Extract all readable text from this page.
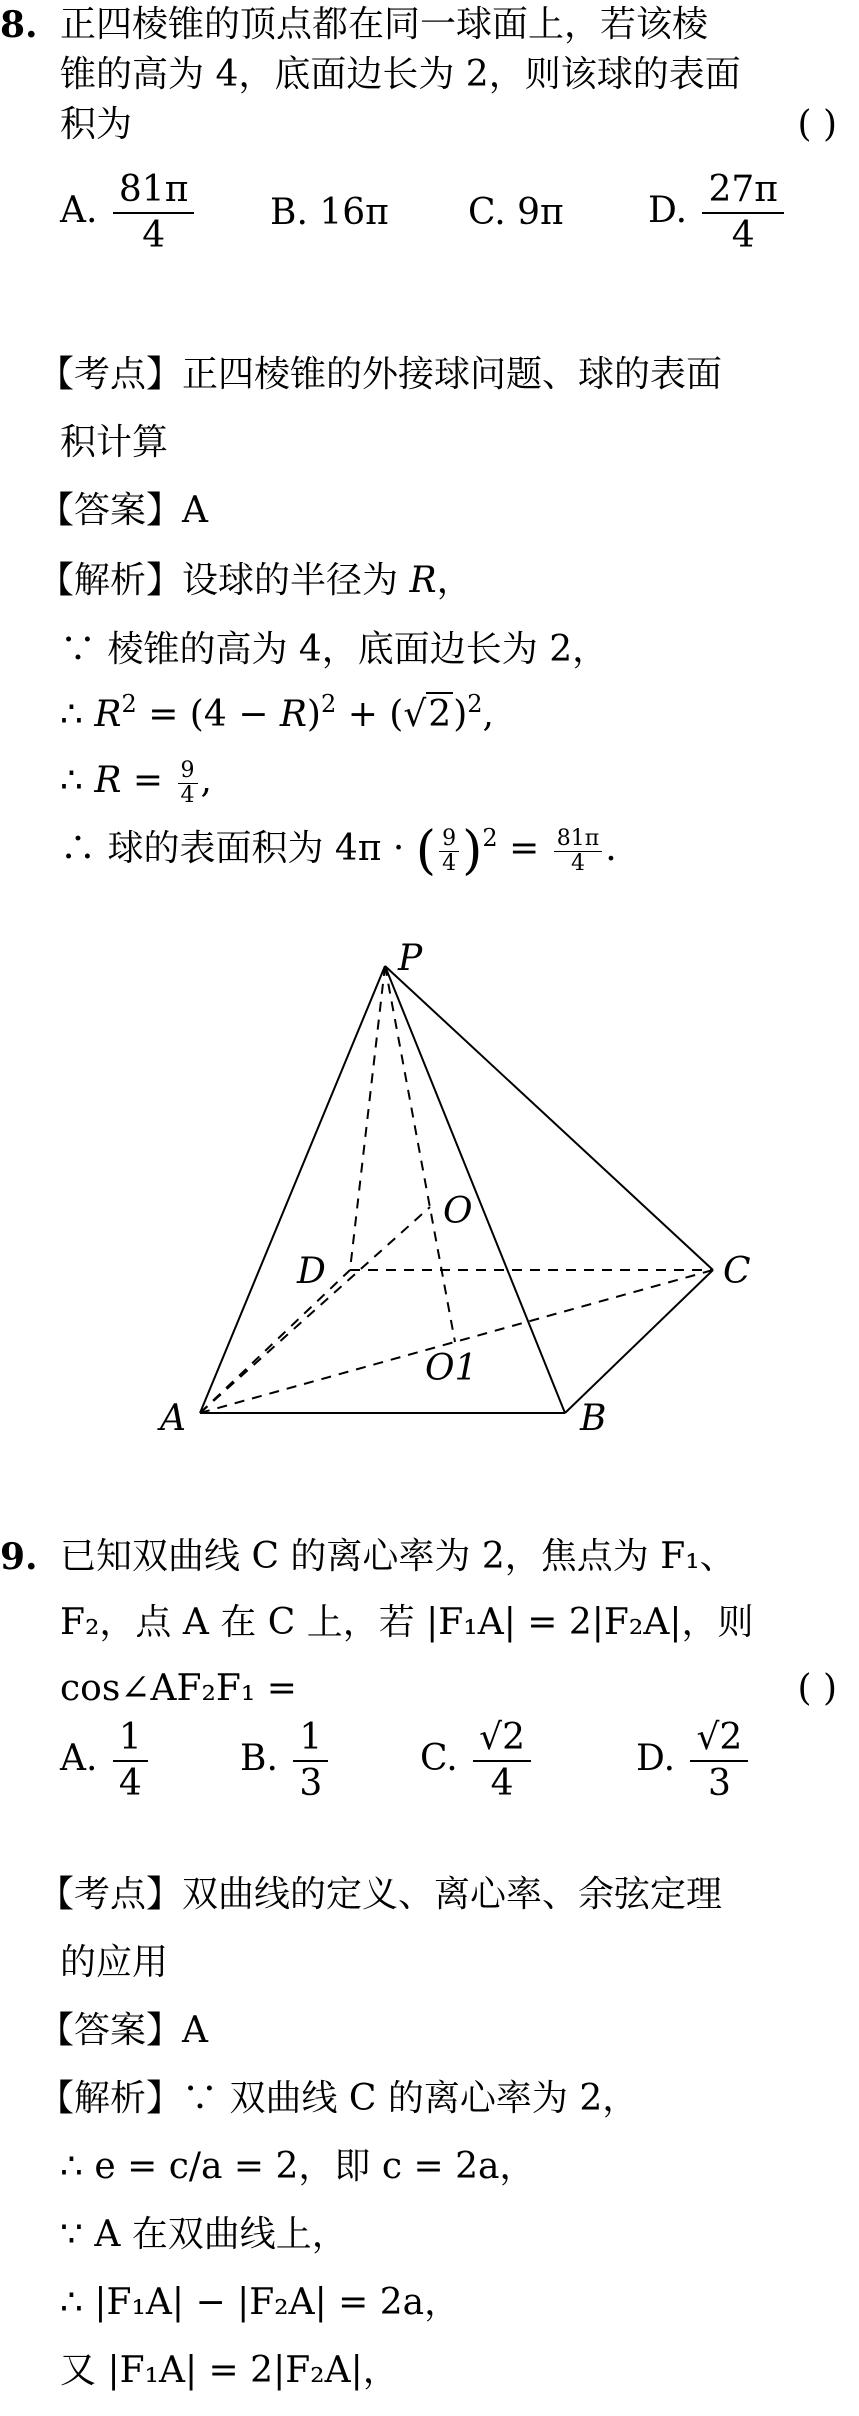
8. 正四棱锥的顶点都在同一球面上，若该棱
锥的高为 4，底面边长为 2，则该球的表面
积为	( )
A. $\frac{81\pi}{4} B$. 16π C. 9π D. $\frac{27\pi}{4}$
【考点】正四棱锥的外接球问题、球的表面
积计算
【答案】A
【解析】设球的半径为 R，
∵ 棱锥的高为 4，底面边长为 2，
∴ $R^2 = (4 - R)^2 + (√2)^2$,
∴ $R = \frac{9}{4}$ ,
∴ 球的表面积为 4π · ( $\frac{9}{4} )^2 = \frac{81\pi}{4}$ .
P
O
D	C
O1
A	B
9. 已知双曲线 C 的离心率为 2，焦点为 F₁、
F₂，点 A 在 C 上，若 |F₁A| = 2|F₂A|，则
cos∠AF₂F₁ =	( )
A. $\frac{1}{4}$	B. $\frac{1}{3}$	C. $\frac{√2}{4}$	D. $\frac{√2}{3}$
【考点】双曲线的定义、离心率、余弦定理
的应用
【答案】A
【解析】∵ 双曲线 C 的离心率为 2，
∴ e = c/a = 2，即 c = 2a，
∵ A 在双曲线上，
∴ |F₁A| − |F₂A| = 2a，
又 |F₁A| = 2|F₂A|，
